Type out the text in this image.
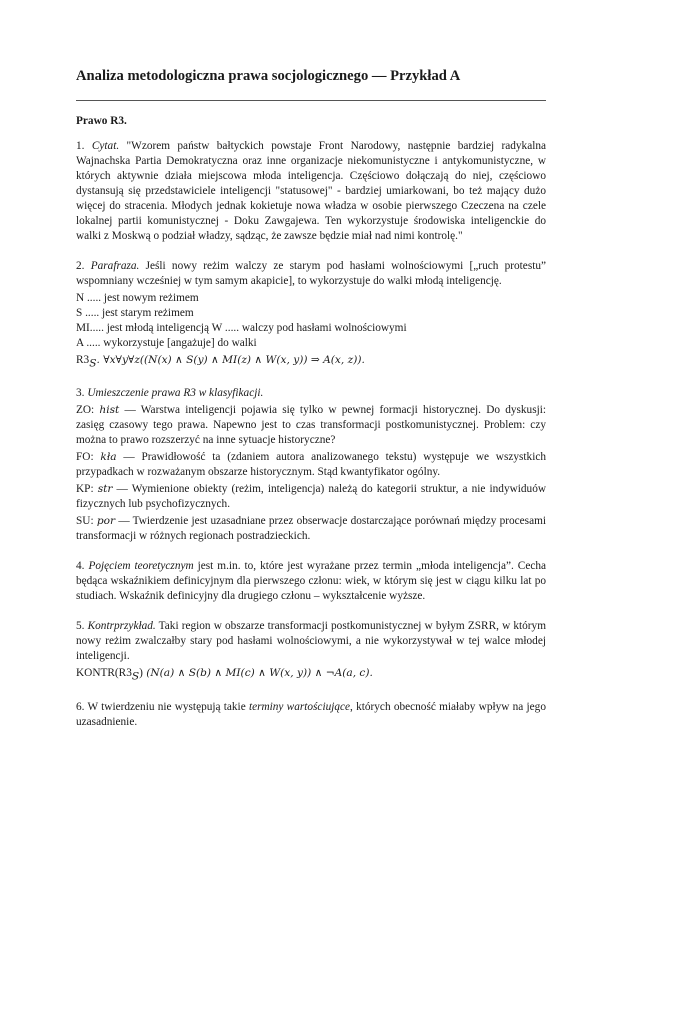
Analiza metodologiczna prawa socjologicznego — Przykład A
Prawo R3.

1. Cytat. "Wzorem państw bałtyckich powstaje Front Narodowy, następnie bardziej radykalna Wajnachska Partia Demokratyczna oraz inne organizacje niekomunistyczne i antykomunistyczne, w których aktywnie działa miejscowa młoda inteligencja. Częściowo dołączają do niej, częściowo dystansują się przedstawiciele inteligencji "statusowej" - bardziej umiarkowani, bo też mający dużo więcej do stracenia. Młodych jednak kokietuje nowa władza w osobie pierwszego Czeczena na czele lokalnej partii komunistycznej - Doku Zawgajewa. Ten wykorzystuje środowiska inteligenckie do walki z Moskwą o podział władzy, sądząc, że zawsze będzie miał nad nimi kontrolę."

2. Parafraza. Jeśli nowy reżim walczy ze starym pod hasłami wolnościowymi [„ruch protestu” wspomniany wcześniej w tym samym akapicie], to wykorzystuje do walki młodą inteligencję.

N ..... jest nowym reżimem
S ..... jest starym reżimem
MI..... jest młodą inteligencją W ..... walczy pod hasłami wolnościowymi
A ..... wykorzystuje [angażuje] do walki

$R3_S$. ∀x∀y∀z((N(x) ∧ S(y) ∧ MI(z) ∧ W(x, y)) ⇒ A(x, z)).

3. Umieszczenie prawa R3 w klasyfikacji.

ZO: hist — Warstwa inteligencji pojawia się tylko w pewnej formacji historycznej. Do dyskusji: zasięg czasowy tego prawa. Napewno jest to czas transformacji postkomunistycznej. Problem: czy można to prawo rozszerzyć na inne sytuacje historyczne?

FO: kła — Prawidłowość ta (zdaniem autora analizowanego tekstu) występuje we wszystkich przypadkach w rozważanym obszarze historycznym. Stąd kwantyfikator ogólny.

KP: str — Wymienione obiekty (reżim, inteligencja) należą do kategorii struktur, a nie indywiduów fizycznych lub psychofizycznych.

SU: por — Twierdzenie jest uzasadniane przez obserwacje dostarczające porównań między procesami transformacji w różnych regionach postradzieckich.

4. Pojęciem teoretycznym jest m.in. to, które jest wyrażane przez termin „młoda inteligencja”. Cecha będąca wskaźnikiem definicyjnym dla pierwszego członu: wiek, w którym się jest w ciągu kilku lat po studiach. Wskaźnik definicyjny dla drugiego członu – wykształcenie wyższe.

5. Kontrprzykład. Taki region w obszarze transformacji postkomunistycznej w byłym ZSRR, w którym nowy reżim zwalczałby stary pod hasłami wolnościowymi, a nie wykorzystywał w tej walce młodej inteligencji.

$KONTR(R3_S)$ (N(a) ∧ S(b) ∧ MI(c) ∧ W(x, y)) ∧ ¬A(a, c).

6. W twierdzeniu nie występują takie terminy wartościujące, których obecność miałaby wpływ na jego uzasadnienie.
